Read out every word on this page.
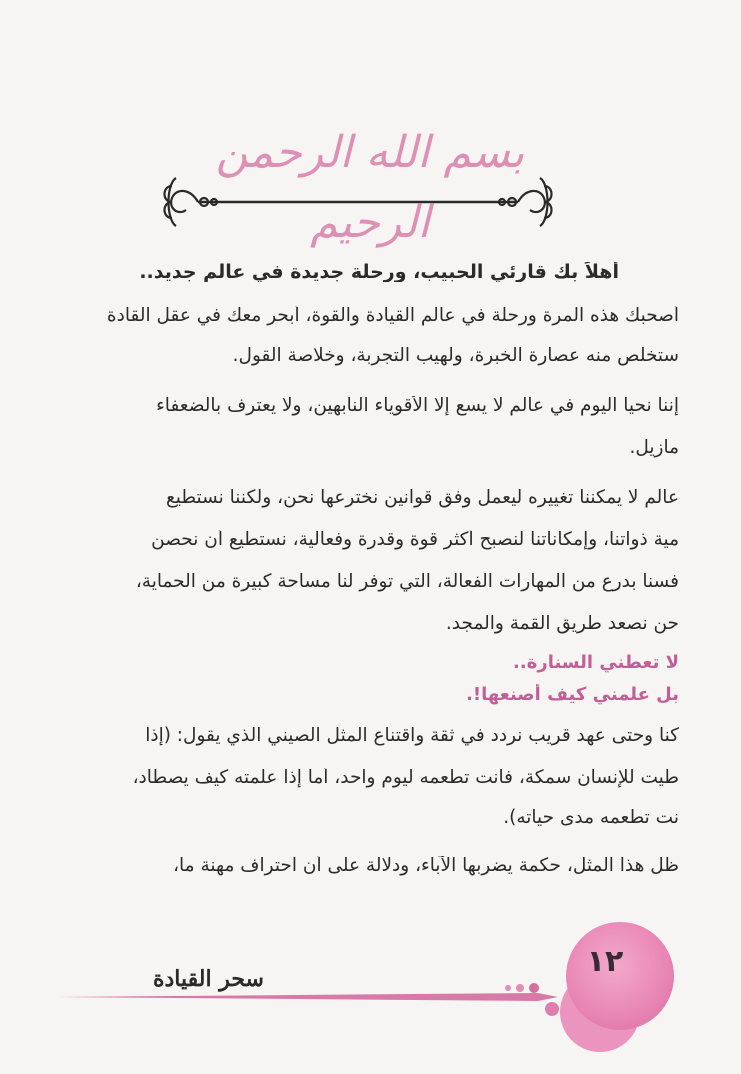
بسم الله الرحمن الرحيم
أهلاً بك قارئي الحبيب، ورحلة جديدة في عالم جديد..
أصحبك هذه المرة ورحلة في عالم القيادة والقوة، أبحر معك في عقل القادة
ستخلص منه عصارة الخبرة، ولهيب التجربة، وخلاصة القول.
إننا نحيا اليوم في عالم لا يسع إلا الأقوياء النابهين، ولا يعترف بالضعفاء
مازيل.
عالم لا يمكننا تغييره ليعمل وفق قوانين نخترعها نحن، ولكننا نستطيع
مية ذواتنا، وإمكاناتنا لنصبح أكثر قوة وقدرة وفعالية، نستطيع أن نحصن
فسنا بدرع من المهارات الفعالة، التي توفر لنا مساحة كبيرة من الحماية،
حن نصعد طريق القمة والمجد.
لا تعطني السنارة..
بل علمني كيف أصنعها!.
كنا وحتى عهد قريب نردد في ثقة واقتناع المثل الصيني الذي يقول: (إذا
طيت للإنسان سمكة، فأنت تطعمه ليوم واحد، أما إذا علمته كيف يصطاد،
نت تطعمه مدى حياته).
ظل هذا المثل، حكمة يضربها الآباء، ودلالة على أن احتراف مهنة ما،
سحر القيادة	١٢
